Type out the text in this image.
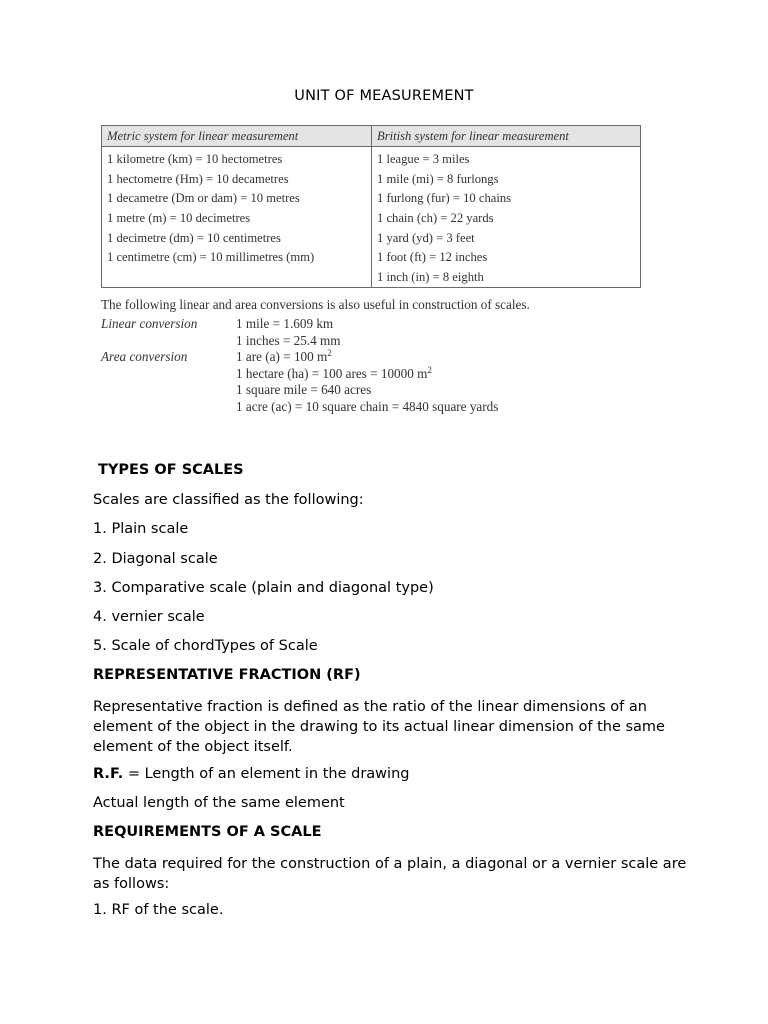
UNIT OF MEASUREMENT
Metric system for linear measurement	British system for linear measurement
1 kilometre (km) = 10 hectometres	1 league = 3 miles
1 hectometre (Hm) = 10 decametres	1 mile (mi) = 8 furlongs
1 decametre (Dm or dam) = 10 metres	1 furlong (fur) = 10 chains
1 metre (m) = 10 decimetres	1 chain (ch) = 22 yards
1 decimetre (dm) = 10 centimetres	1 yard (yd) = 3 feet
1 centimetre (cm) = 10 millimetres (mm)	1 foot (ft) = 12 inches
	1 inch (in) = 8 eighth

The following linear and area conversions is also useful in construction of scales.

Linear conversion	1 mile = 1.609 km
1 inches = 25.4 mm
Area conversion	1 are (a) = 100 $m^2$
1 hectare (ha) = 100 ares = 10000 $m^2$
1 square mile = 640 acres
1 acre (ac) = 10 square chain = 4840 square yards

TYPES OF SCALES

Scales are classified as the following:

1. Plain scale

2. Diagonal scale

3. Comparative scale (plain and diagonal type)

4. vernier scale

5. Scale of chordTypes of Scale

REPRESENTATIVE FRACTION (RF)

Representative fraction is defined as the ratio of the linear dimensions of an element of the object in the drawing to its actual linear dimension of the same element of the object itself.

R.F. = Length of an element in the drawing

Actual length of the same element

REQUIREMENTS OF A SCALE

The data required for the construction of a plain, a diagonal or a vernier scale are as follows:

1. RF of the scale.
